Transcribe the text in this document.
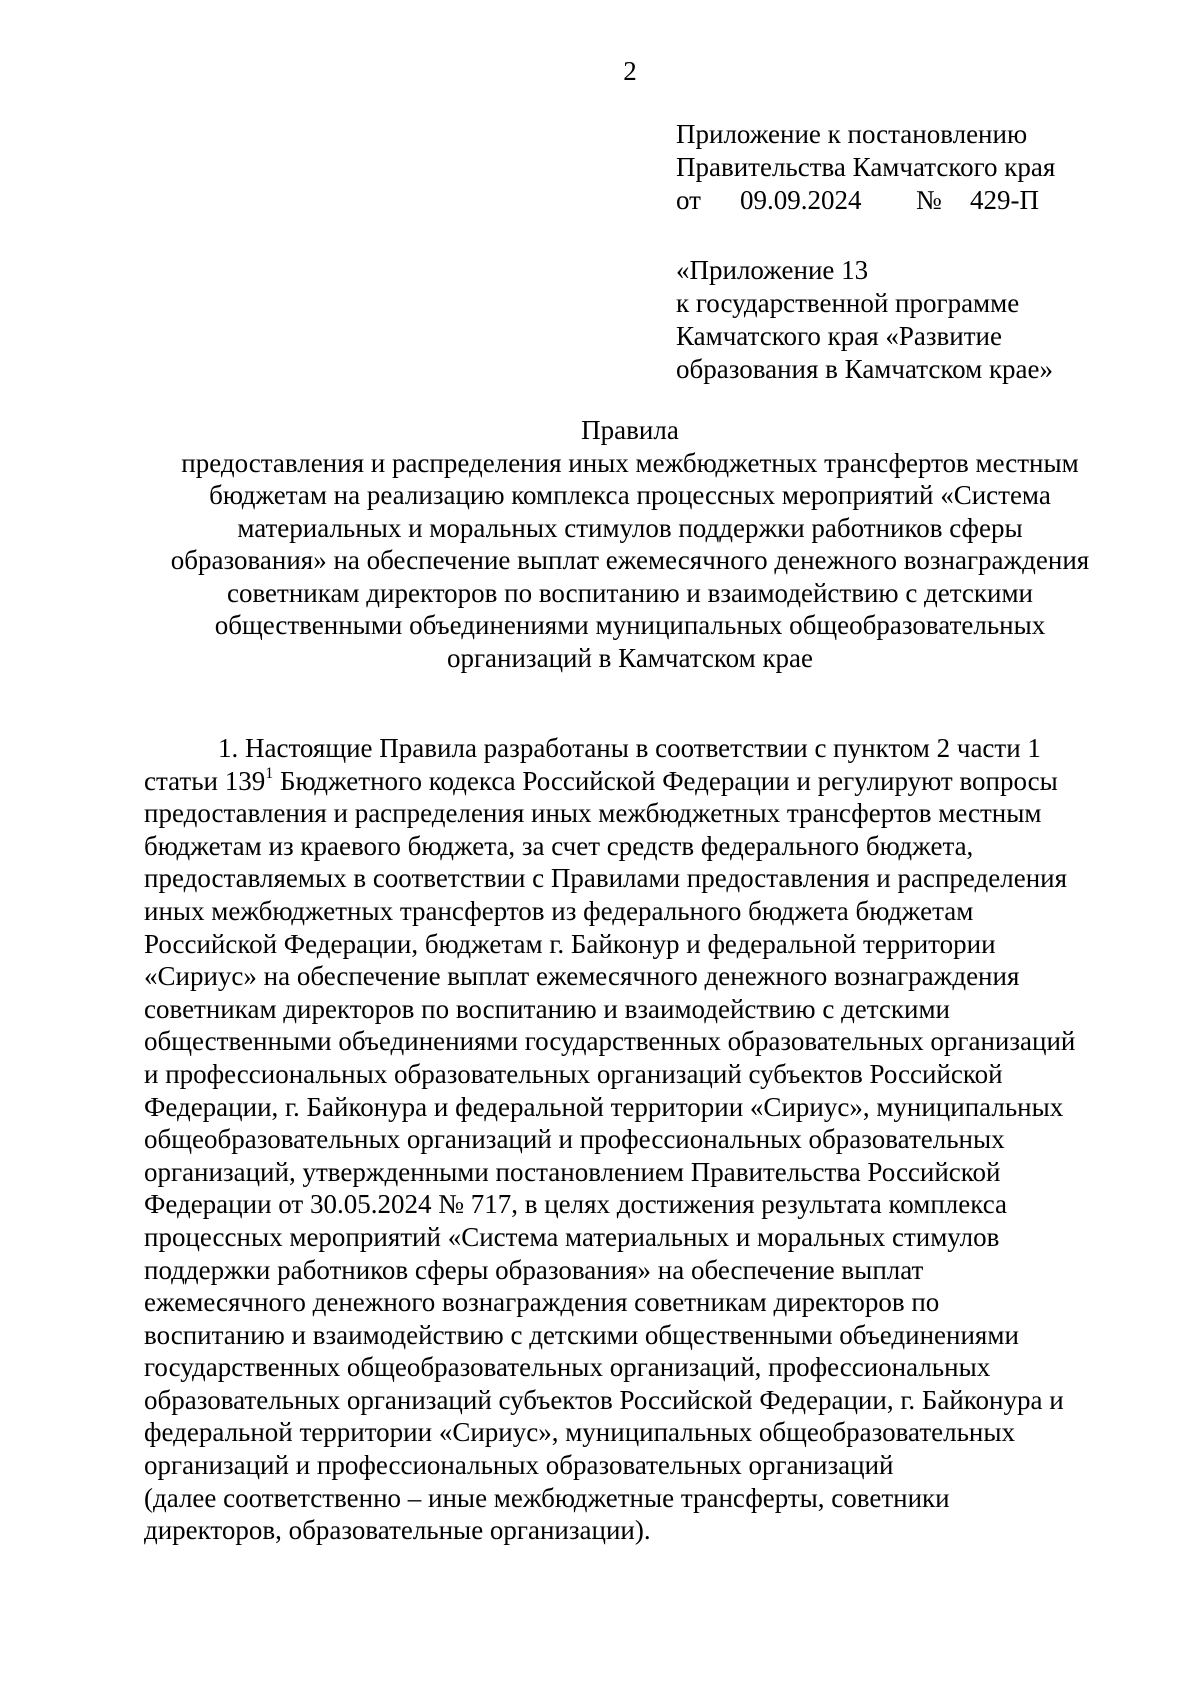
2
Приложение к постановлению
Правительства Камчатского края
от 09.09.2024 № 429-П
«Приложение 13
к государственной программе
Камчатского края «Развитие
образования в Камчатском крае»
Правила
предоставления и распределения иных межбюджетных трансфертов местным
бюджетам на реализацию комплекса процессных мероприятий «Система
материальных и моральных стимулов поддержки работников сферы
образования» на обеспечение выплат ежемесячного денежного вознаграждения
советникам директоров по воспитанию и взаимодействию с детскими
общественными объединениями муниципальных общеобразовательных
организаций в Камчатском крае
1. Настоящие Правила разработаны в соответствии с пунктом 2 части 1
статьи $139^1$ Бюджетного кодекса Российской Федерации и регулируют вопросы
предоставления и распределения иных межбюджетных трансфертов местным
бюджетам из краевого бюджета, за счет средств федерального бюджета,
предоставляемых в соответствии с Правилами предоставления и распределения
иных межбюджетных трансфертов из федерального бюджета бюджетам
Российской Федерации, бюджетам г. Байконур и федеральной территории
«Сириус» на обеспечение выплат ежемесячного денежного вознаграждения
советникам директоров по воспитанию и взаимодействию с детскими
общественными объединениями государственных образовательных организаций
и профессиональных образовательных организаций субъектов Российской
Федерации, г. Байконура и федеральной территории «Сириус», муниципальных
общеобразовательных организаций и профессиональных образовательных
организаций, утвержденными постановлением Правительства Российской
Федерации от 30.05.2024 № 717, в целях достижения результата комплекса
процессных мероприятий «Система материальных и моральных стимулов
поддержки работников сферы образования» на обеспечение выплат
ежемесячного денежного вознаграждения советникам директоров по
воспитанию и взаимодействию с детскими общественными объединениями
государственных общеобразовательных организаций, профессиональных
образовательных организаций субъектов Российской Федерации, г. Байконура и
федеральной территории «Сириус», муниципальных общеобразовательных
организаций и профессиональных образовательных организаций
(далее соответственно – иные межбюджетные трансферты, советники
директоров, образовательные организации).
